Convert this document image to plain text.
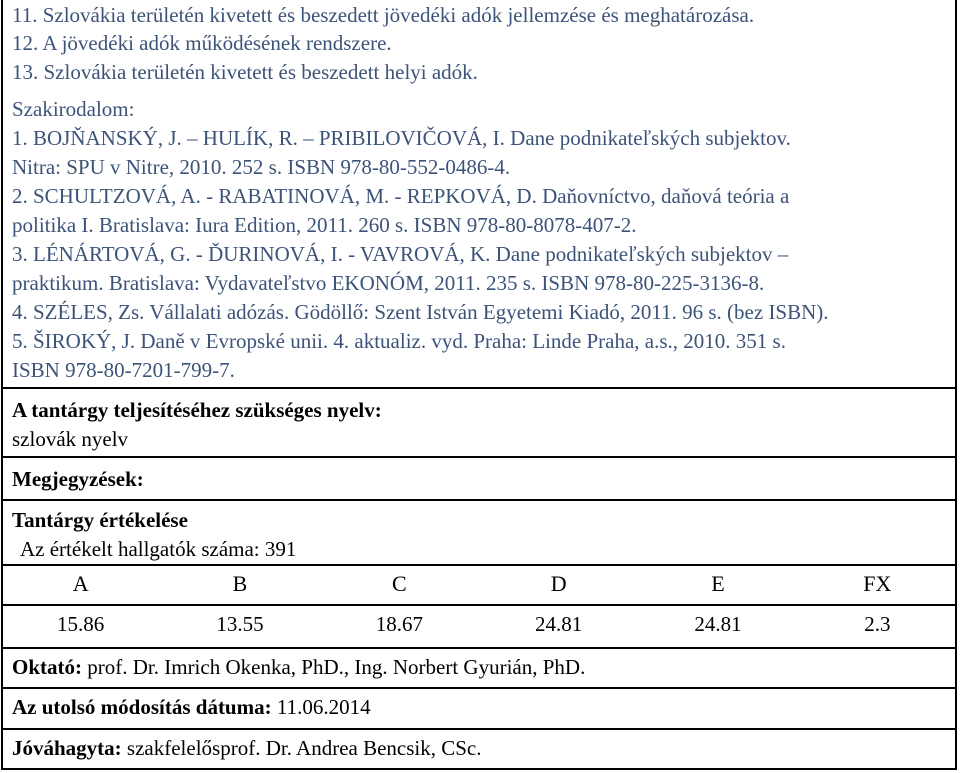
11. Szlovákia területén kivetett és beszedett jövedéki adók jellemzése és meghatározása.
12. A jövedéki adók működésének rendszere.
13. Szlovákia területén kivetett és beszedett helyi adók.
Szakirodalom:
1. BOJŇANSKÝ, J. – HULÍK, R. – PRIBILOVIČOVÁ, I. Dane podnikateľských subjektov.
Nitra: SPU v Nitre, 2010. 252 s. ISBN 978-80-552-0486-4.
2. SCHULTZOVÁ, A. - RABATINOVÁ, M. - REPKOVÁ, D. Daňovníctvo, daňová teória a
politika I. Bratislava: Iura Edition, 2011. 260 s. ISBN 978-80-8078-407-2.
3. LÉNÁRTOVÁ, G. - ĎURINOVÁ, I. - VAVROVÁ, K. Dane podnikateľských subjektov –
praktikum. Bratislava: Vydavateľstvo EKONÓM, 2011. 235 s. ISBN 978-80-225-3136-8.
4. SZÉLES, Zs. Vállalati adózás. Gödöllő: Szent István Egyetemi Kiadó, 2011. 96 s. (bez ISBN).
5. ŠIROKÝ, J. Daně v Evropské unii. 4. aktualiz. vyd. Praha: Linde Praha, a.s., 2010. 351 s.
ISBN 978-80-7201-799-7.
A tantárgy teljesítéséhez szükséges nyelv:
szlovák nyelv
Megjegyzések:
Tantárgy értékelése
Az értékelt hallgatók száma: 391
A	B	C	D	E	FX
15.86	13.55	18.67	24.81	24.81	2.3
Oktató: prof. Dr. Imrich Okenka, PhD., Ing. Norbert Gyurián, PhD.
Az utolsó módosítás dátuma: 11.06.2014
Jóváhagyta: szakfelelősprof. Dr. Andrea Bencsik, CSc.
